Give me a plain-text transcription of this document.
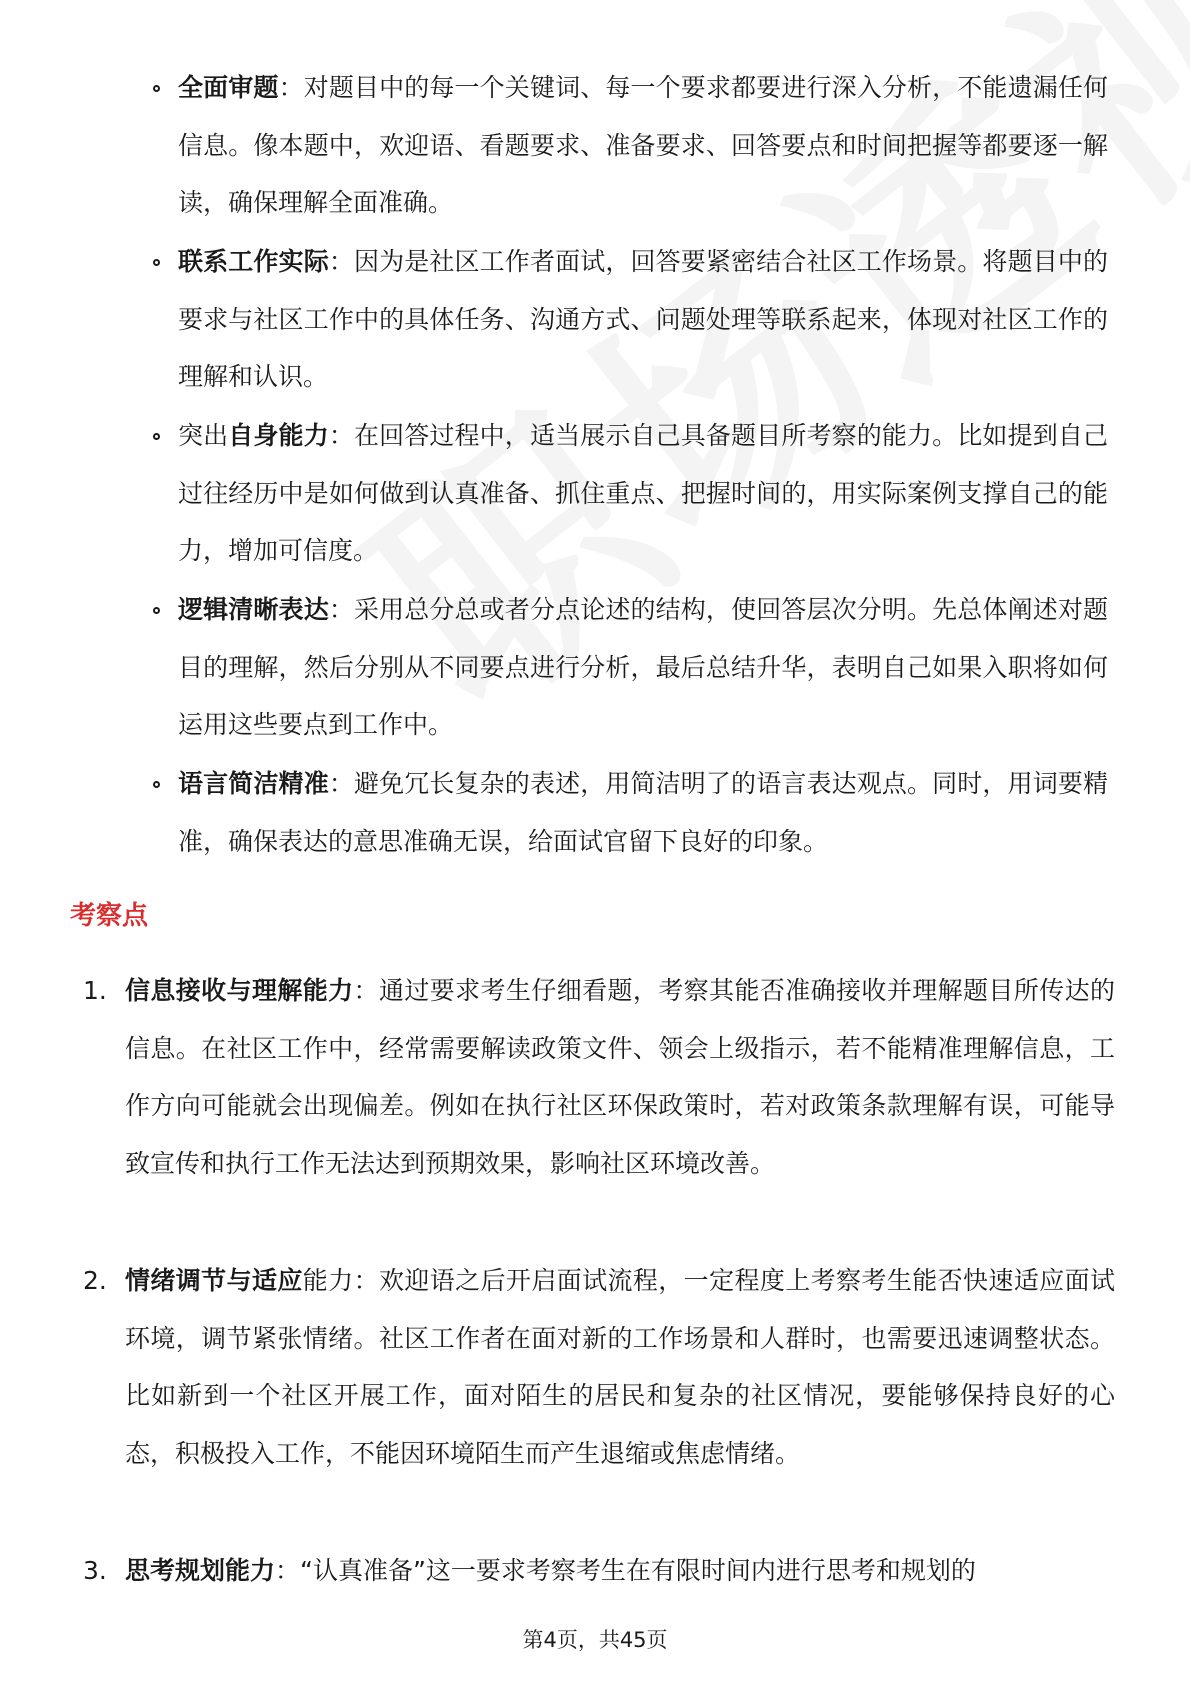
全面审题：对题目中的每一个关键词、每一个要求都要进行深入分析，不能遗漏任何信息。像本题中，欢迎语、看题要求、准备要求、回答要点和时间把握等都要逐一解读，确保理解全面准确。
联系工作实际：因为是社区工作者面试，回答要紧密结合社区工作场景。将题目中的要求与社区工作中的具体任务、沟通方式、问题处理等联系起来，体现对社区工作的理解和认识。
突出自身能力：在回答过程中，适当展示自己具备题目所考察的能力。比如提到自己过往经历中是如何做到认真准备、抓住重点、把握时间的，用实际案例支撑自己的能力，增加可信度。
逻辑清晰表达：采用总分总或者分点论述的结构，使回答层次分明。先总体阐述对题目的理解，然后分别从不同要点进行分析，最后总结升华，表明自己如果入职将如何运用这些要点到工作中。
语言简洁精准：避免冗长复杂的表述，用简洁明了的语言表达观点。同时，用词要精准，确保表达的意思准确无误，给面试官留下良好的印象。
考察点
1. 信息接收与理解能力：通过要求考生仔细看题，考察其能否准确接收并理解题目所传达的信息。在社区工作中，经常需要解读政策文件、领会上级指示，若不能精准理解信息，工作方向可能就会出现偏差。例如在执行社区环保政策时，若对政策条款理解有误，可能导致宣传和执行工作无法达到预期效果，影响社区环境改善。
2. 情绪调节与适应能力：欢迎语之后开启面试流程，一定程度上考察考生能否快速适应面试环境，调节紧张情绪。社区工作者在面对新的工作场景和人群时，也需要迅速调整状态。比如新到一个社区开展工作，面对陌生的居民和复杂的社区情况，要能够保持良好的心态，积极投入工作，不能因环境陌生而产生退缩或焦虑情绪。
3. 思考规划能力：“认真准备”这一要求考察考生在有限时间内进行思考和规划的
第4页，共45页
